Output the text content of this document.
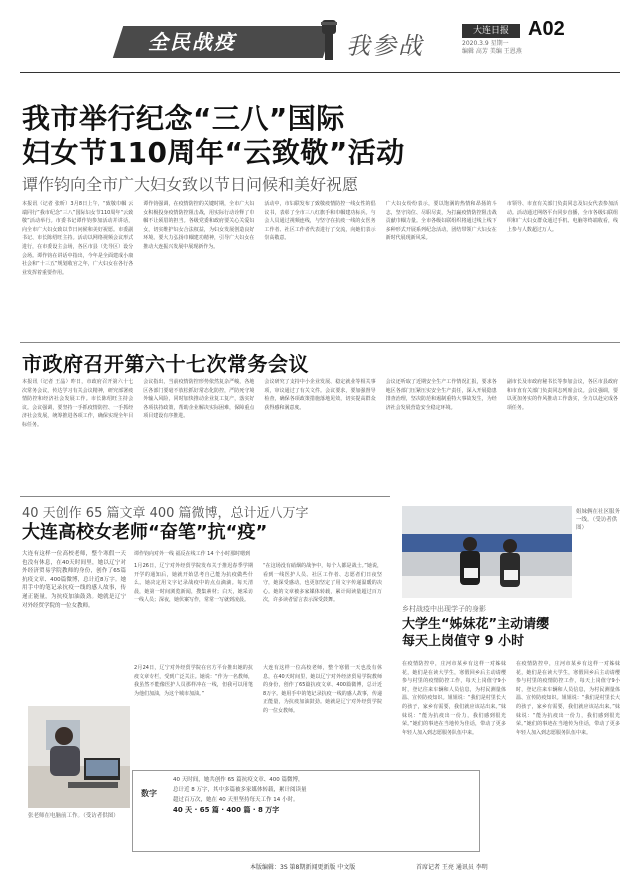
全民战疫	我参战
大连日报 A02
2020.3.9 星期一
编辑 高芳 美编 王恩燕
我市举行纪念“三八”国际
妇女节110周年“云致敬”活动
谭作钧向全市广大妇女致以节日问候和美好祝愿
本报讯（记者 张昕）3月8日上午，“致敬巾帼 云端同行”我市纪念“三八”国际妇女节110周年“云致敬”活动举行。市委书记谭作钧参加活动并讲话，向全市广大妇女致以节日问候和美好祝愿。市委副书记、市长陈绍旺主持。活动以网络视频会议形式进行，在市委设主会场，各区市县（先导区）设分会场。谭作钧在讲话中指出，今年是全面建成小康社会和“十三五”规划收官之年，广大妇女在各行各业发挥着重要作用。
谭作钧强调，在疫情防控的关键时期，全市广大妇女积极投身疫情防控阻击战，用实际行动诠释了巾帼不让须眉的担当。各级党委和政府要关心关爱妇女，切实维护妇女合法权益，为妇女发展创造良好环境。要大力弘扬巾帼建功精神，引导广大妇女在推动大连振兴发展中展现新作为。
活动中，市妇联发布了致敬疫情防控一线女性的倡议书，表彰了全市三八红旗手和巾帼建功标兵。与会人员通过视频连线，与坚守在抗疫一线的女医务工作者、社区工作者代表进行了交流，向她们表示崇高敬意。
广大妇女纷纷表示，要以饱满的热情和昂扬的斗志，坚守岗位、尽职尽责，为打赢疫情防控阻击战贡献巾帼力量。全市各级妇联组织将通过线上线下多种形式开展系列纪念活动，团结带领广大妇女在新时代展现新风采。
市领导、市直有关部门负责同志及妇女代表参加活动。活动通过网络平台同步直播，全市各级妇联组织和广大妇女群众通过手机、电脑等终端收看，线上参与人数超过万人。
市政府召开第六十七次常务会议
本报讯（记者 王晶）昨日，市政府召开第六十七次常务会议，传达学习有关会议精神，研究部署疫情防控和经济社会发展工作。市长陈绍旺主持会议。会议强调，要坚持一手抓疫情防控、一手抓经济社会发展，统筹推进各项工作，确保实现全年目标任务。
会议指出，当前疫情防控形势依然复杂严峻，各地区各部门要毫不放松抓好常态化防控，严防死守境外输入风险，同时加快推动企业复工复产，落实好各项扶持政策，帮助企业解决实际困难，保障重点项目建设有序推进。
会议研究了支持中小企业发展、稳定就业等相关事项，审议通过了有关文件。会议要求，要加强督导检查，确保各项政策措施落地见效，切实提高群众获得感和满意度。
会议还听取了近期安全生产工作情况汇报，要求各地区各部门压紧压实安全生产责任，深入开展隐患排查治理，坚决防范和遏制重特大事故发生，为经济社会发展营造安全稳定环境。
副市长及市政府秘书长等参加会议，各区市县政府和市直有关部门负责同志列席会议。会议强调，要以更加务实的作风推动工作落实，全力以赴完成各项任务。
40 天创作 65 篇文章 400 篇微博，总计近八万字
大连高校女老师“奋笔”抗“疫”
大连有这样一位高校老师，整个寒假一天也没有休息，在40天时间里，她以辽宁对外经济贸易学院教师的身份，创作了65篇抗疫文章、400篇微博，总计近8万字。她用手中的笔记录抗疫一线的感人故事，传递正能量，为抗疫加油鼓劲。她就是辽宁对外经贸学院的一位女教师。
张老师在电脑前工作。（受访者供图）
谭作钧向对外一线 福反在线工作 14 个小时那时嗯到
1月26日，辽宁对外经贸学院发布关于推迟春季学期开学的通知后，她就开始思考自己能为抗疫做些什么。她决定用文字记录战疫中的点点滴滴。每天清晨，她第一时间浏览新闻，搜集素材；白天，她采访一线人员；深夜，她伏案写作，常常一写就到凌晨。
“在这场没有硝烟的战争中，每个人都是战士。”她说，看到一线医护人员、社区工作者、志愿者们日夜坚守，她深受感动，也更加坚定了用文字传递温暖的决心。她的文章被多家媒体转载，累计阅读量超过百万次，许多读者留言表示深受鼓舞。
2月24日，辽宁对外经贸学院在官方平台推出她的抗疫文章专栏，受到广泛关注。她说：“作为一名教师，我虽然不能像医护人员那样冲在一线，但我可以用笔为他们加油，为这个城市加油。”
大连有这样一位高校老师，整个寒假一天也没有休息，在40天时间里，她以辽宁对外经济贸易学院教师的身份，创作了65篇抗疫文章、400篇微博，总计近8万字。她用手中的笔记录抗疫一线的感人故事，传递正能量，为抗疫加油鼓劲。她就是辽宁对外经贸学院的一位女教师。
数字
40 天时间，她共创作 65 篇抗疫文章、400 篇微博，
总计近 8 万字，其中多篇被多家媒体转载，累计阅读量
超过百万次，她在 40 天里坚持每天工作 14 小时。
40 天 · 65 篇 · 400 篇 · 8 万字
本版编辑：3S 第8期新闻更新版 中文版
姐妹俩在社区服务一线。（受访者供图）
乡村战疫中出现学子的身影
大学生“姊妹花”主动请缨
每天上岗值守 9 小时
在疫情防控中，庄河市某乡有这样一对姊妹花，她们是在读大学生，寒假回乡后主动请缨参与村里的疫情防控工作，每天上岗值守9小时，登记往来车辆和人员信息，为村民测量体温、宣传防疫知识。姐姐说：“我们是村里长大的孩子，家乡有需要，我们就应该站出来。”妹妹说：“能为抗疫出一份力，我们感到很光荣。”她们的事迹在当地传为佳话，带动了更多年轻人加入到志愿服务队伍中来。
在疫情防控中，庄河市某乡有这样一对姊妹花，她们是在读大学生，寒假回乡后主动请缨参与村里的疫情防控工作，每天上岗值守9小时，登记往来车辆和人员信息，为村民测量体温、宣传防疫知识。姐姐说：“我们是村里长大的孩子，家乡有需要，我们就应该站出来。”妹妹说：“能为抗疫出一份力，我们感到很光荣。”她们的事迹在当地传为佳话，带动了更多年轻人加入到志愿服务队伍中来。
首席记者 王亮 通讯员 李明
